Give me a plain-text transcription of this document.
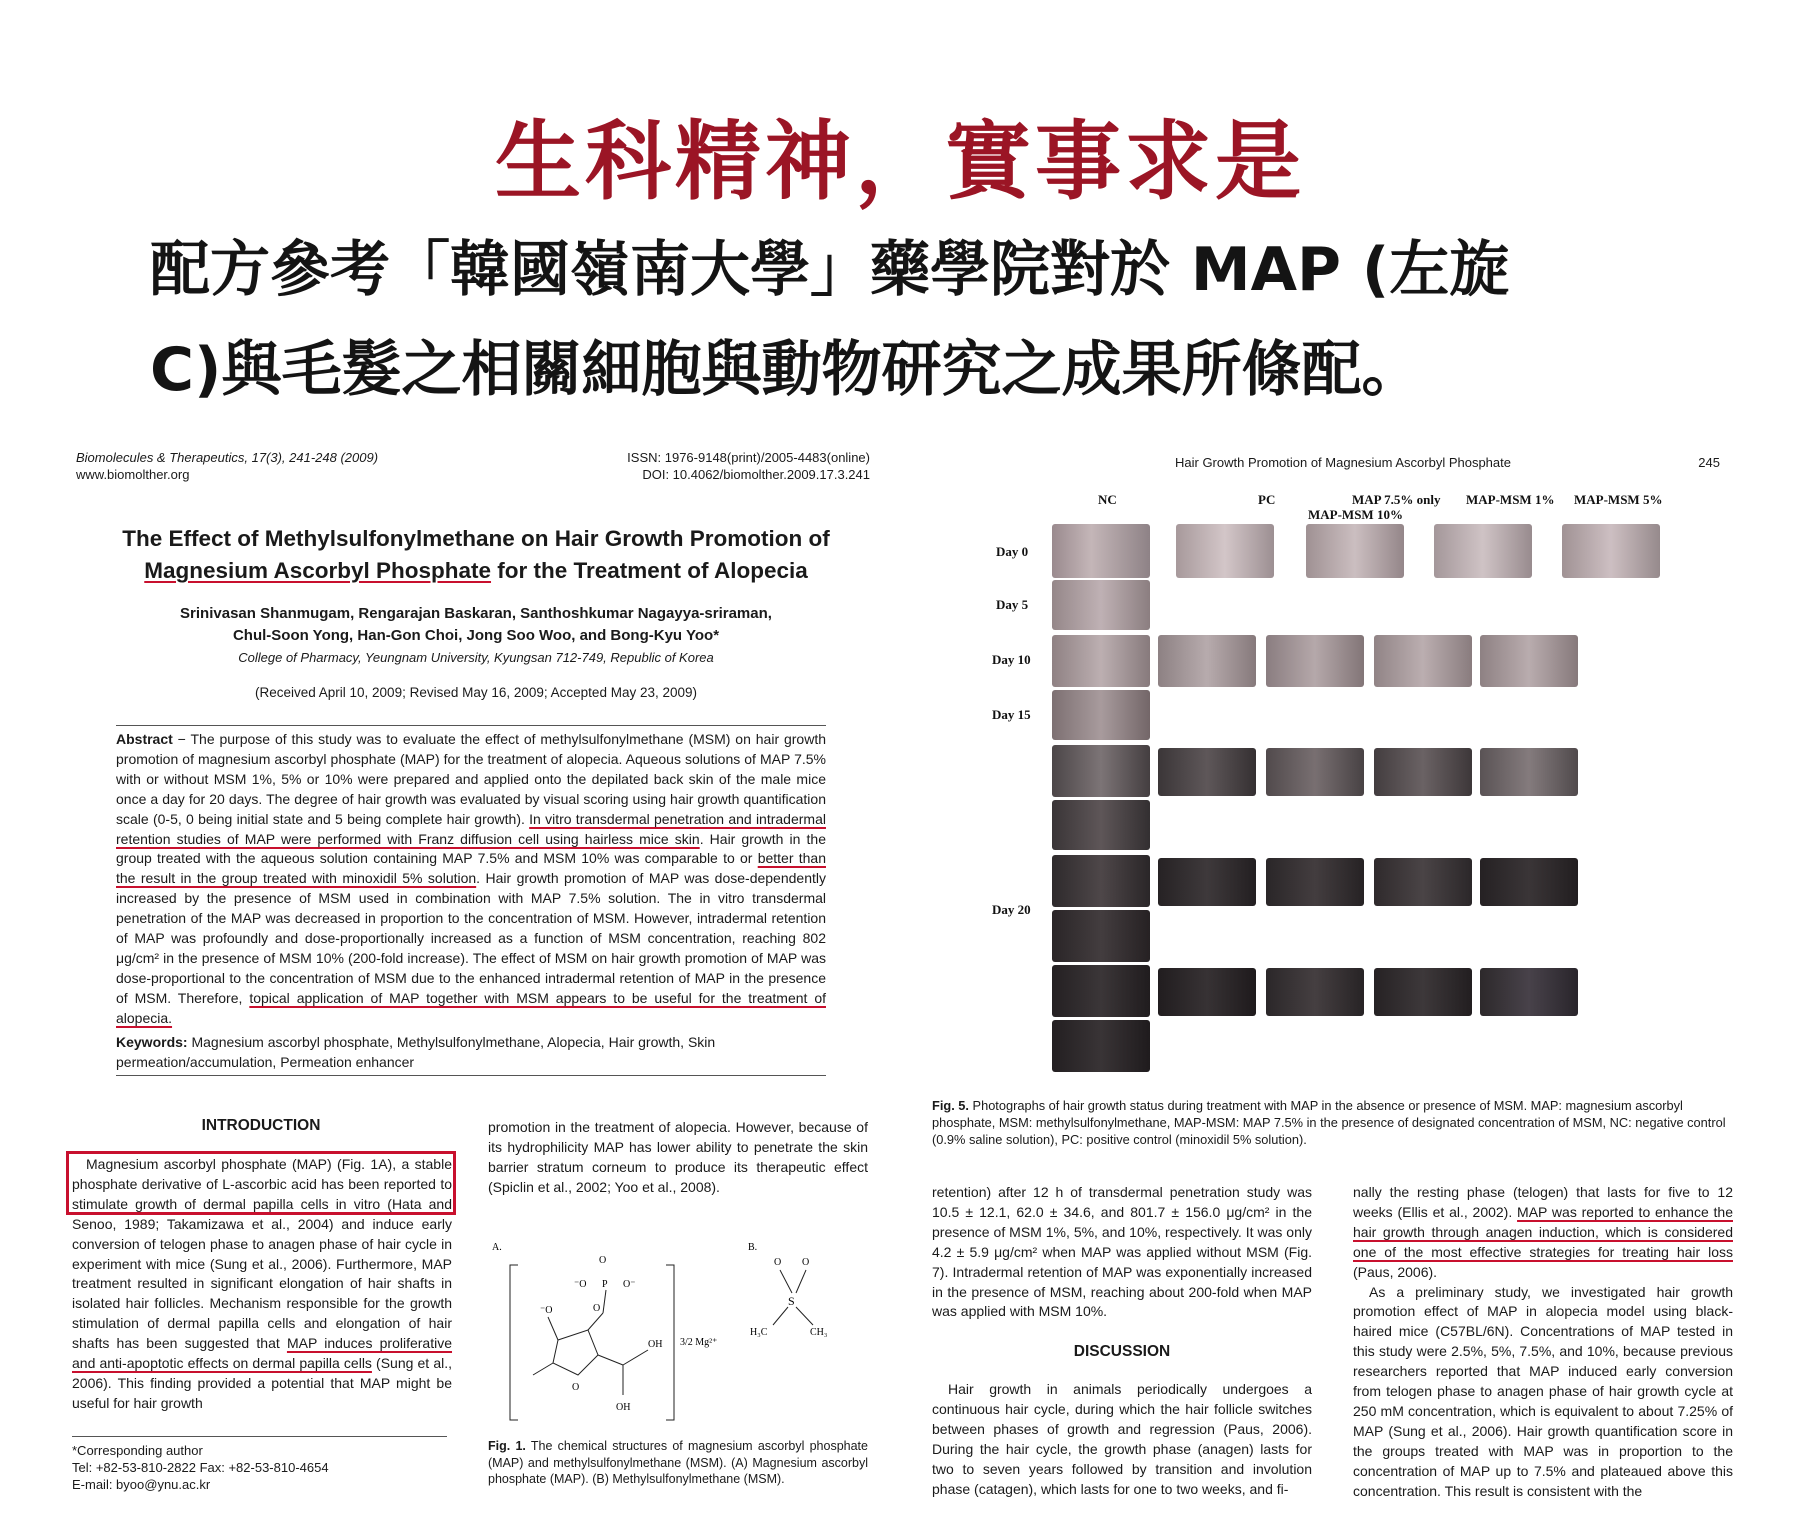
生科精神，實事求是
配方參考「韓國嶺南大學」藥學院對於 MAP (左旋
C)與毛髮之相關細胞與動物研究之成果所條配。
Biomolecules & Therapeutics, 17(3), 241-248 (2009)
www.biomolther.org
ISSN: 1976-9148(print)/2005-4483(online)
DOI: 10.4062/biomolther.2009.17.3.241
The Effect of Methylsulfonylmethane on Hair Growth Promotion of
Magnesium Ascorbyl Phosphate for the Treatment of Alopecia
Srinivasan Shanmugam, Rengarajan Baskaran, Santhoshkumar Nagayya-sriraman,
Chul-Soon Yong, Han-Gon Choi, Jong Soo Woo, and Bong-Kyu Yoo*
College of Pharmacy, Yeungnam University, Kyungsan 712-749, Republic of Korea
(Received April 10, 2009; Revised May 16, 2009; Accepted May 23, 2009)
Abstract − The purpose of this study was to evaluate the effect of methylsulfonylmethane (MSM) on hair growth promotion of magnesium ascorbyl phosphate (MAP) for the treatment of alopecia. Aqueous solutions of MAP 7.5% with or without MSM 1%, 5% or 10% were prepared and applied onto the depilated back skin of the male mice once a day for 20 days. The degree of hair growth was evaluated by visual scoring using hair growth quantification scale (0-5, 0 being initial state and 5 being complete hair growth). In vitro transdermal penetration and intradermal retention studies of MAP were performed with Franz diffusion cell using hairless mice skin. Hair growth in the group treated with the aqueous solution containing MAP 7.5% and MSM 10% was comparable to or better than the result in the group treated with minoxidil 5% solution. Hair growth promotion of MAP was dose-dependently increased by the presence of MSM used in combination with MAP 7.5% solution. The in vitro transdermal penetration of the MAP was decreased in proportion to the concentration of MSM. However, intradermal retention of MAP was profoundly and dose-proportionally increased as a function of MSM concentration, reaching 802 μg/cm² in the presence of MSM 10% (200-fold increase). The effect of MSM on hair growth promotion of MAP was dose-proportional to the concentration of MSM due to the enhanced intradermal retention of MAP in the presence of MSM. Therefore, topical application of MAP together with MSM appears to be useful for the treatment of alopecia.
Keywords: Magnesium ascorbyl phosphate, Methylsulfonylmethane, Alopecia, Hair growth, Skin permeation/accumulation, Permeation enhancer
INTRODUCTION
Magnesium ascorbyl phosphate (MAP) (Fig. 1A), a stable phosphate derivative of L-ascorbic acid has been reported to stimulate growth of dermal papilla cells in vitro (Hata and Senoo, 1989; Takamizawa et al., 2004) and induce early conversion of telogen phase to anagen phase of hair cycle in experiment with mice (Sung et al., 2006). Furthermore, MAP treatment resulted in significant elongation of hair shafts in isolated hair follicles. Mechanism responsible for the growth stimulation of dermal papilla cells and elongation of hair shafts has been suggested that MAP induces proliferative and anti-apoptotic effects on dermal papilla cells (Sung et al., 2006). This finding provided a potential that MAP might be useful for hair growth
*Corresponding author
Tel: +82-53-810-2822 Fax: +82-53-810-4654
E-mail: byoo@ynu.ac.kr
promotion in the treatment of alopecia. However, because of its hydrophilicity MAP has lower ability to penetrate the skin barrier stratum corneum to produce its therapeutic effect (Spiclin et al., 2002; Yoo et al., 2008).
A.	B.
⁻O	O
P
O
⁻O	O⁻
O
OH
OH
3/2 Mg²⁺
S
O O
H₃C	CH₃
Fig. 1. The chemical structures of magnesium ascorbyl phosphate (MAP) and methylsulfonylmethane (MSM). (A) Magnesium ascorbyl phosphate (MAP). (B) Methylsulfonylmethane (MSM).
Hair Growth Promotion of Magnesium Ascorbyl Phosphate	245
NC	PC	MAP 7.5% only MAP-MSM 1% MAP-MSM 5%
MAP-MSM 10%
Day 0
Day 5
Day 10
Day 15
Day 20
Fig. 5. Photographs of hair growth status during treatment with MAP in the absence or presence of MSM. MAP: magnesium ascorbyl phosphate, MSM: methylsulfonylmethane, MAP-MSM: MAP 7.5% in the presence of designated concentration of MSM, NC: negative control (0.9% saline solution), PC: positive control (minoxidil 5% solution).
retention) after 12 h of transdermal penetration study was 10.5 ± 12.1, 62.0 ± 34.6, and 801.7 ± 156.0 μg/cm² in the presence of MSM 1%, 5%, and 10%, respectively. It was only 4.2 ± 5.9 μg/cm² when MAP was applied without MSM (Fig. 7). Intradermal retention of MAP was exponentially increased in the presence of MSM, reaching about 200-fold when MAP was applied with MSM 10%.
DISCUSSION
Hair growth in animals periodically undergoes a continuous hair cycle, during which the hair follicle switches between phases of growth and regression (Paus, 2006). During the hair cycle, the growth phase (anagen) lasts for two to seven years followed by transition and involution phase (catagen), which lasts for one to two weeks, and fi-
nally the resting phase (telogen) that lasts for five to 12 weeks (Ellis et al., 2002). MAP was reported to enhance the hair growth through anagen induction, which is considered one of the most effective strategies for treating hair loss (Paus, 2006).
As a preliminary study, we investigated hair growth promotion effect of MAP in alopecia model using black-haired mice (C57BL/6N). Concentrations of MAP tested in this study were 2.5%, 5%, 7.5%, and 10%, because previous researchers reported that MAP induced early conversion from telogen phase to anagen phase of hair growth cycle at 250 mM concentration, which is equivalent to about 7.25% of MAP (Sung et al., 2006). Hair growth quantification score in the groups treated with MAP was in proportion to the concentration of MAP up to 7.5% and plateaued above this concentration. This result is consistent with the
